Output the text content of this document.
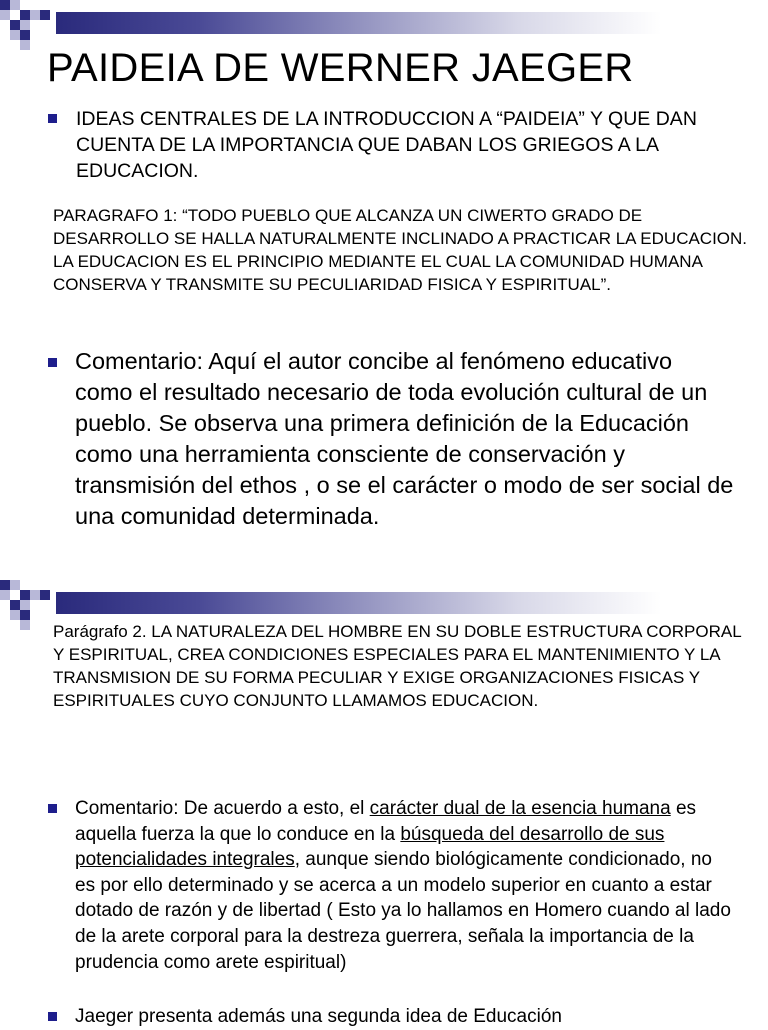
PAIDEIA DE WERNER JAEGER

IDEAS CENTRALES DE LA INTRODUCCION A “PAIDEIA” Y QUE DAN CUENTA DE LA IMPORTANCIA QUE DABAN LOS GRIEGOS A LA EDUCACION.

PARAGRAFO 1: “TODO PUEBLO QUE ALCANZA UN CIWERTO GRADO DE DESARROLLO SE HALLA NATURALMENTE INCLINADO A PRACTICAR LA EDUCACION. LA EDUCACION ES EL PRINCIPIO MEDIANTE EL CUAL LA COMUNIDAD HUMANA CONSERVA Y TRANSMITE SU PECULIARIDAD FISICA Y ESPIRITUAL”.

Comentario: Aquí el autor concibe al fenómeno educativo como el resultado necesario de toda evolución cultural de un pueblo. Se observa una primera definición de la Educación como una herramienta consciente de conservación y transmisión del ethos , o se el carácter o modo de ser social de una comunidad determinada.

Parágrafo 2. LA NATURALEZA DEL HOMBRE EN SU DOBLE ESTRUCTURA CORPORAL Y ESPIRITUAL, CREA CONDICIONES ESPECIALES PARA EL MANTENIMIENTO Y LA TRANSMISION DE SU FORMA PECULIAR Y EXIGE ORGANIZACIONES FISICAS Y ESPIRITUALES CUYO CONJUNTO LLAMAMOS EDUCACION.

Comentario: De acuerdo a esto, el carácter dual de la esencia humana es aquella fuerza la que lo conduce en la búsqueda del desarrollo de sus potencialidades integrales, aunque siendo biológicamente condicionado, no es por ello determinado y se acerca a un modelo superior en cuanto a estar dotado de razón y de libertad ( Esto ya lo hallamos en Homero cuando al lado de la arete corporal para la destreza guerrera, señala la importancia de la prudencia como arete espiritual)

Jaeger presenta además una segunda idea de Educación
